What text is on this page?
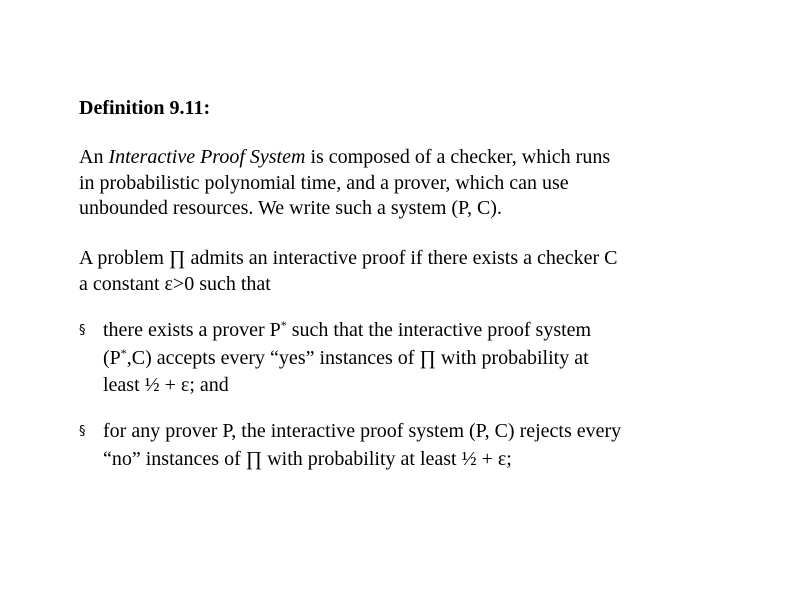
Definition 9.11:
An Interactive Proof System is composed of a checker, which runs
in probabilistic polynomial time, and a prover, which can use
unbounded resources. We write such a system (P, C).
A problem ∏ admits an interactive proof if there exists a checker C
a constant ε>0 such that
§ there exists a prover P* such that the interactive proof system
(P*,C) accepts every “yes” instances of ∏ with probability at
least ½ + ε; and
§ for any prover P, the interactive proof system (P, C) rejects every
“no” instances of ∏ with probability at least ½ + ε;
